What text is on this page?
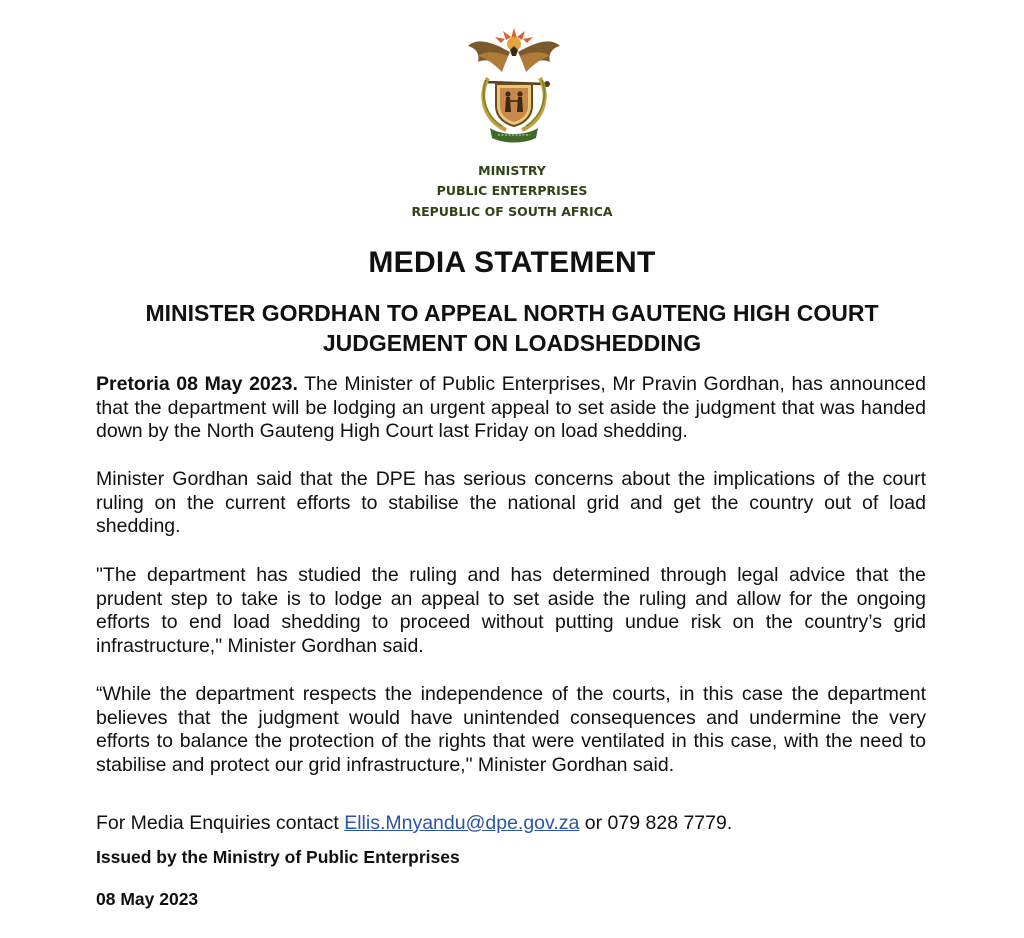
MINISTRY
PUBLIC ENTERPRISES
REPUBLIC OF SOUTH AFRICA
MEDIA STATEMENT
MINISTER GORDHAN TO APPEAL NORTH GAUTENG HIGH COURT
JUDGEMENT ON LOADSHEDDING

Pretoria 08 May 2023. The Minister of Public Enterprises, Mr Pravin Gordhan, has announced that the department will be lodging an urgent appeal to set aside the judgment that was handed down by the North Gauteng High Court last Friday on load shedding.

Minister Gordhan said that the DPE has serious concerns about the implications of the court ruling on the current efforts to stabilise the national grid and get the country out of load shedding.

"The department has studied the ruling and has determined through legal advice that the prudent step to take is to lodge an appeal to set aside the ruling and allow for the ongoing efforts to end load shedding to proceed without putting undue risk on the country’s grid infrastructure," Minister Gordhan said.

“While the department respects the independence of the courts, in this case the department believes that the judgment would have unintended consequences and undermine the very efforts to balance the protection of the rights that were ventilated in this case, with the need to stabilise and protect our grid infrastructure," Minister Gordhan said.

For Media Enquiries contact Ellis.Mnyandu@dpe.gov.za or 079 828 7779.
Issued by the Ministry of Public Enterprises
08 May 2023
